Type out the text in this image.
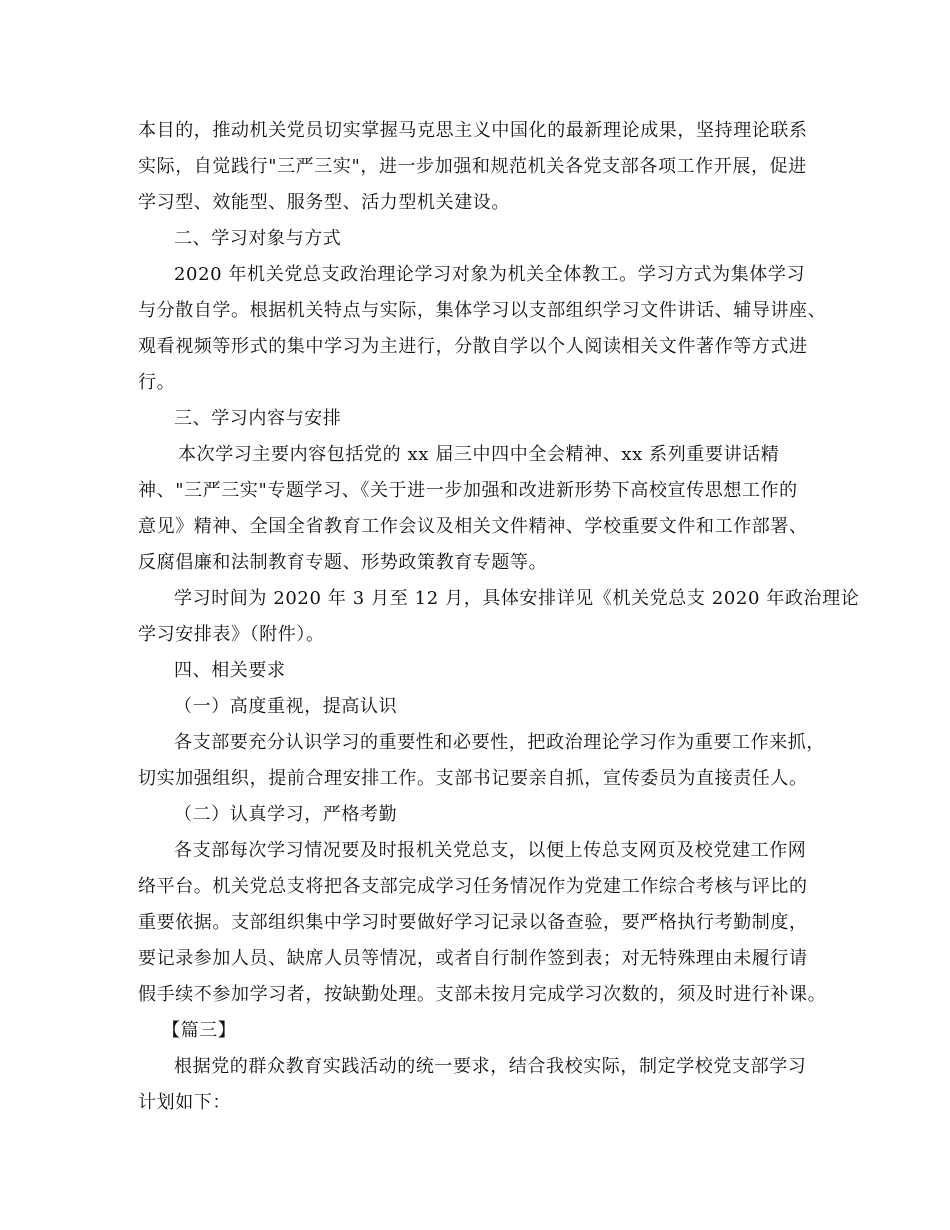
本目的，推动机关党员切实掌握马克思主义中国化的最新理论成果，坚持理论联系
实际，自觉践行"三严三实"，进一步加强和规范机关各党支部各项工作开展，促进
学习型、效能型、服务型、活力型机关建设。
二、学习对象与方式
2020 年机关党总支政治理论学习对象为机关全体教工。学习方式为集体学习
与分散自学。根据机关特点与实际，集体学习以支部组织学习文件讲话、辅导讲座、
观看视频等形式的集中学习为主进行，分散自学以个人阅读相关文件著作等方式进
行。
三、学习内容与安排
本次学习主要内容包括党的 xx 届三中四中全会精神、xx 系列重要讲话精
神、"三严三实"专题学习、《关于进一步加强和改进新形势下高校宣传思想工作的
意见》精神、全国全省教育工作会议及相关文件精神、学校重要文件和工作部署、
反腐倡廉和法制教育专题、形势政策教育专题等。
学习时间为 2020 年 3 月至 12 月，具体安排详见《机关党总支 2020 年政治理论
学习安排表》（附件）。
四、相关要求
（一）高度重视，提高认识
各支部要充分认识学习的重要性和必要性，把政治理论学习作为重要工作来抓，
切实加强组织，提前合理安排工作。支部书记要亲自抓，宣传委员为直接责任人。
（二）认真学习，严格考勤
各支部每次学习情况要及时报机关党总支，以便上传总支网页及校党建工作网
络平台。机关党总支将把各支部完成学习任务情况作为党建工作综合考核与评比的
重要依据。支部组织集中学习时要做好学习记录以备查验，要严格执行考勤制度，
要记录参加人员、缺席人员等情况，或者自行制作签到表；对无特殊理由未履行请
假手续不参加学习者，按缺勤处理。支部未按月完成学习次数的，须及时进行补课。
【篇三】
根据党的群众教育实践活动的统一要求，结合我校实际，制定学校党支部学习
计划如下：
